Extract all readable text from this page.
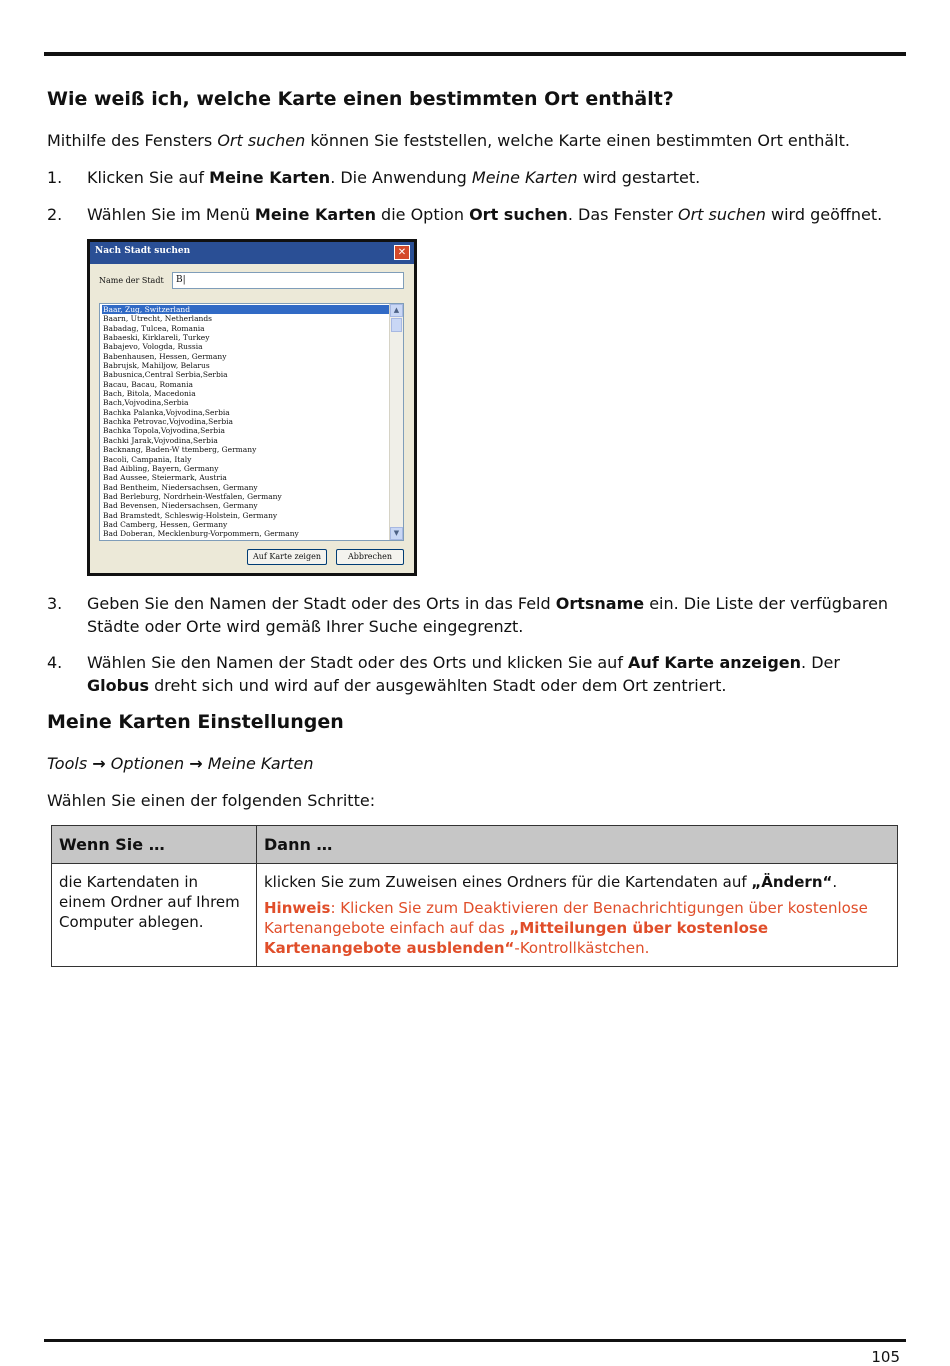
Wie weiß ich, welche Karte einen bestimmten Ort enthält?
Mithilfe des Fensters Ort suchen können Sie feststellen, welche Karte einen bestimmten Ort enthält.
1. Klicken Sie auf Meine Karten. Die Anwendung Meine Karten wird gestartet.
2. Wählen Sie im Menü Meine Karten die Option Ort suchen. Das Fenster Ort suchen wird geöffnet.
Nach Stadt suchen	✕
Name der Stadt	B|
Baar, Zug, Switzerland
Baarn, Utrecht, Netherlands
Babadag, Tulcea, Romania
Babaeski, Kirklareli, Turkey
Babajevo, Vologda, Russia
Babenhausen, Hessen, Germany
Babrujsk, Mahiljow, Belarus
Babusnica,Central Serbia,Serbia
Bacau, Bacau, Romania
Bach, Bitola, Macedonia
Bach,Vojvodina,Serbia
Bachka Palanka,Vojvodina,Serbia
Bachka Petrovac,Vojvodina,Serbia
Bachka Topola,Vojvodina,Serbia
Bachki Jarak,Vojvodina,Serbia
Backnang, Baden-W ttemberg, Germany
Bacoli, Campania, Italy
Bad Aibling, Bayern, Germany
Bad Aussee, Steiermark, Austria
Bad Bentheim, Niedersachsen, Germany
Bad Berleburg, Nordrhein-Westfalen, Germany
Bad Bevensen, Niedersachsen, Germany
Bad Bramstedt, Schleswig-Holstein, Germany
Bad Camberg, Hessen, Germany
Bad Doberan, Mecklenburg-Vorpommern, Germany
▲
▼
Auf Karte zeigen	Abbrechen
3. Geben Sie den Namen der Stadt oder des Orts in das Feld Ortsname ein. Die Liste der verfügbaren Städte oder Orte wird gemäß Ihrer Suche eingegrenzt.
4. Wählen Sie den Namen der Stadt oder des Orts und klicken Sie auf Auf Karte anzeigen. Der Globus dreht sich und wird auf der ausgewählten Stadt oder dem Ort zentriert.
Meine Karten Einstellungen
Tools → Optionen → Meine Karten
Wählen Sie einen der folgenden Schritte:
Wenn Sie …	Dann …
die Kartendaten in einem Ordner auf Ihrem Computer ablegen.	klicken Sie zum Zuweisen eines Ordners für die Kartendaten auf „Ändern“.
Hinweis: Klicken Sie zum Deaktivieren der Benachrichtigungen über kostenlose Kartenangebote einfach auf das „Mitteilungen über kostenlose Kartenangebote ausblenden“-Kontrollkästchen.
105
